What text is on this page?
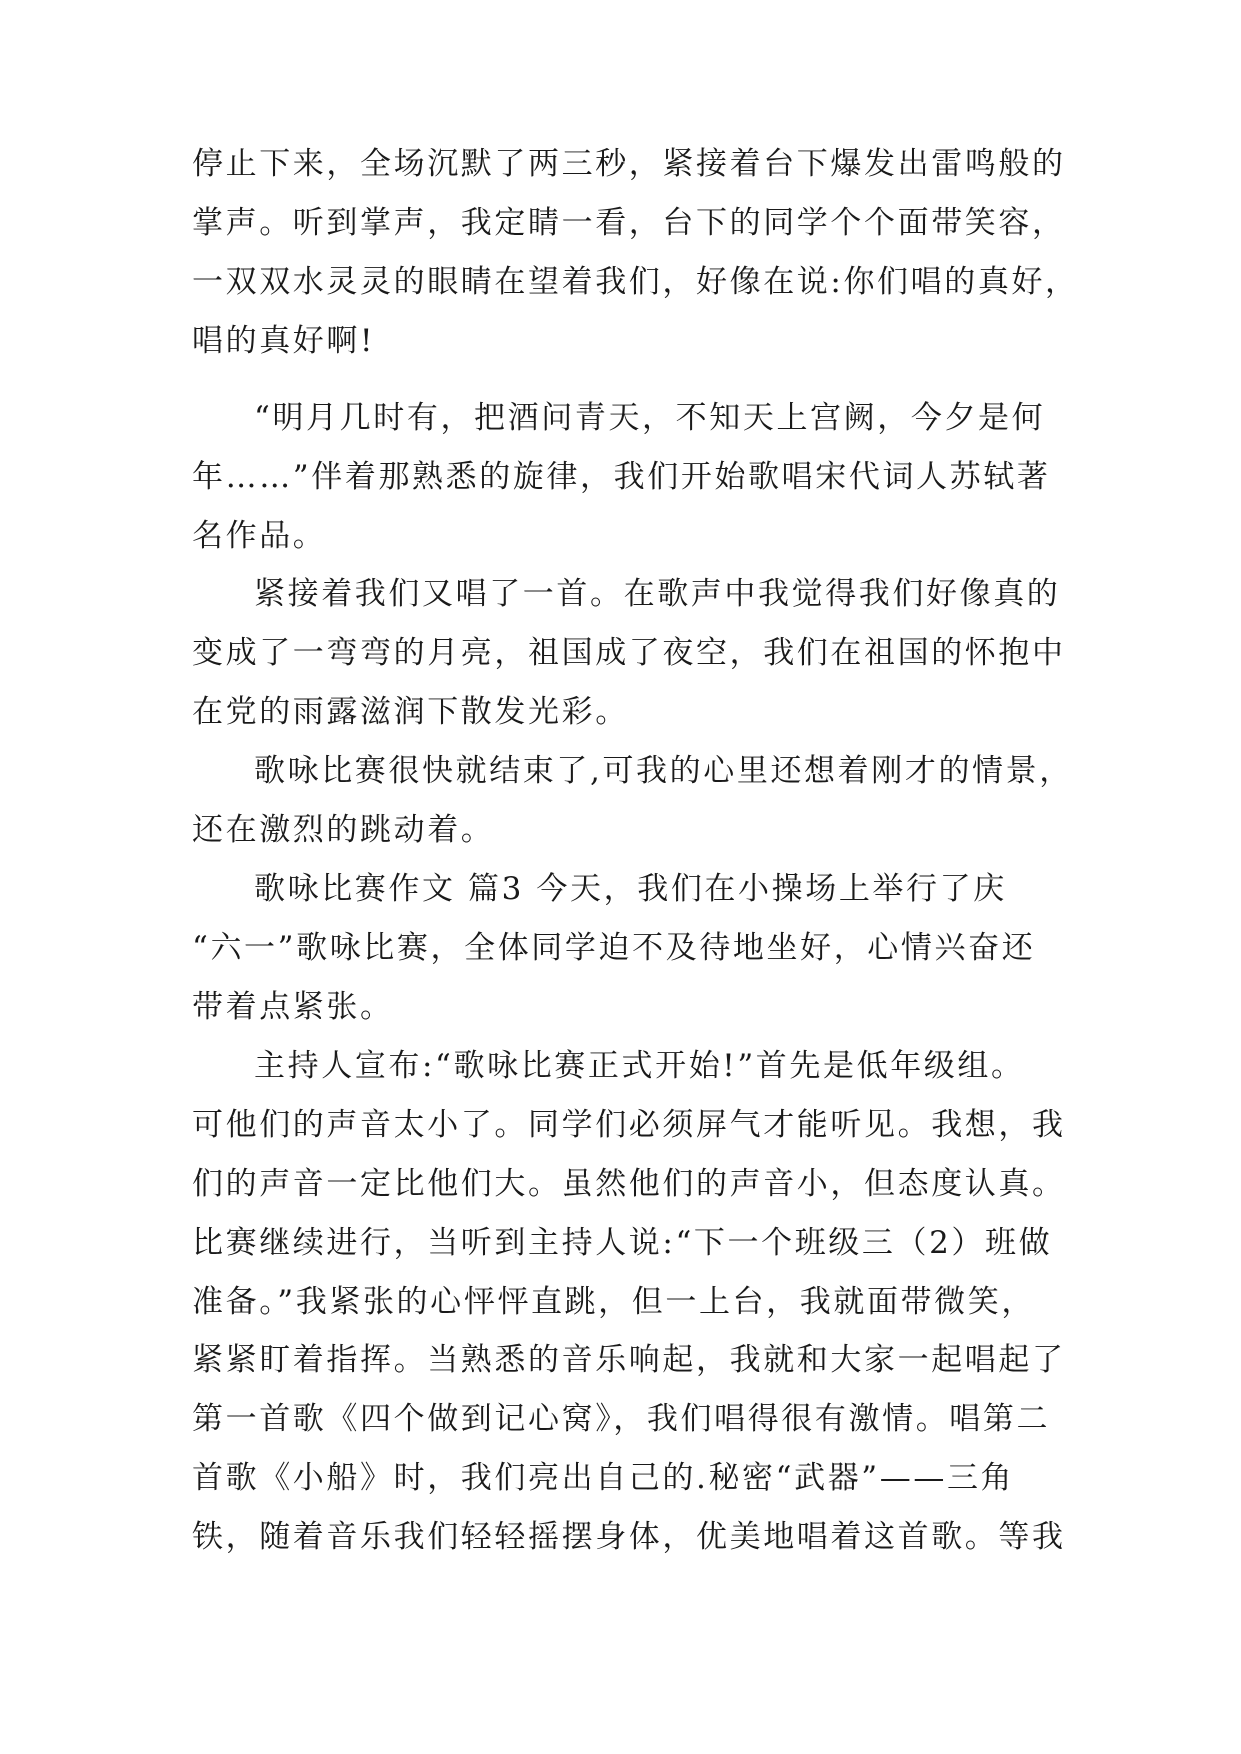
停止下来，全场沉默了两三秒，紧接着台下爆发出雷鸣般的
掌声。听到掌声，我定睛一看，台下的同学个个面带笑容，
一双双水灵灵的眼睛在望着我们，好像在说:你们唱的真好，
唱的真好啊!
“明月几时有，把酒问青天，不知天上宫阙，今夕是何
年……”伴着那熟悉的旋律，我们开始歌唱宋代词人苏轼著
名作品。
紧接着我们又唱了一首。在歌声中我觉得我们好像真的
变成了一弯弯的月亮，祖国成了夜空，我们在祖国的怀抱中
在党的雨露滋润下散发光彩。
歌咏比赛很快就结束了,可我的心里还想着刚才的情景，
还在激烈的跳动着。
歌咏比赛作文 篇3 今天，我们在小操场上举行了庆
“六一”歌咏比赛，全体同学迫不及待地坐好，心情兴奋还
带着点紧张。
主持人宣布:“歌咏比赛正式开始!”首先是低年级组。
可他们的声音太小了。同学们必须屏气才能听见。我想，我
们的声音一定比他们大。虽然他们的声音小，但态度认真。
比赛继续进行，当听到主持人说:“下一个班级三（2）班做
准备。”我紧张的心怦怦直跳，但一上台，我就面带微笑，
紧紧盯着指挥。当熟悉的音乐响起，我就和大家一起唱起了
第一首歌《四个做到记心窝》，我们唱得很有激情。唱第二
首歌《小船》时，我们亮出自己的.秘密“武器”——三角
铁，随着音乐我们轻轻摇摆身体，优美地唱着这首歌。等我
